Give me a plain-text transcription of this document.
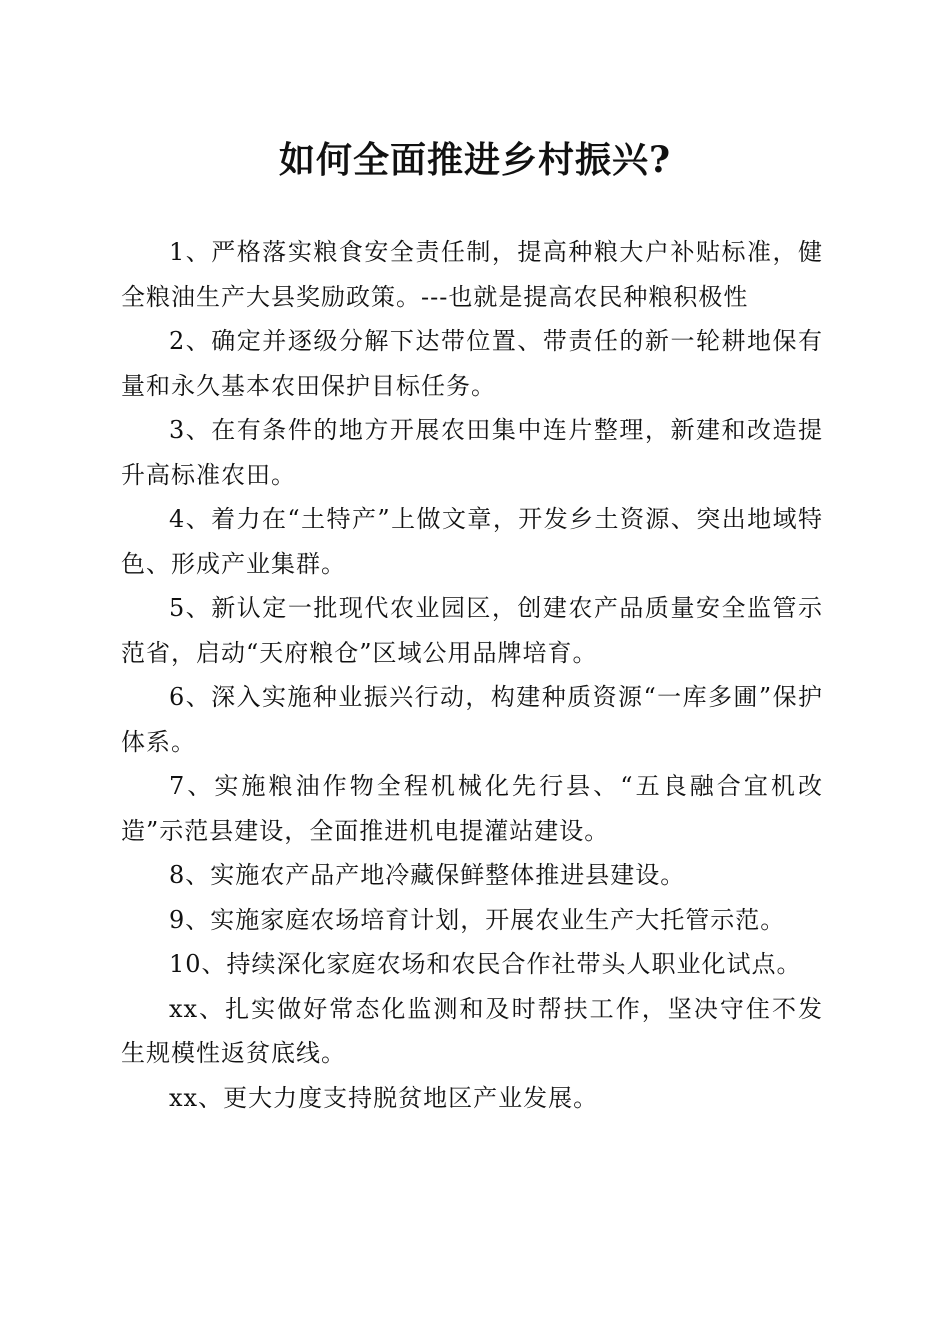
如何全面推进乡村振兴?

1、严格落实粮食安全责任制，提高种粮大户补贴标准，健全粮油生产大县奖励政策。---也就是提高农民种粮积极性

2、确定并逐级分解下达带位置、带责任的新一轮耕地保有量和永久基本农田保护目标任务。

3、在有条件的地方开展农田集中连片整理，新建和改造提升高标准农田。

4、着力在“土特产”上做文章，开发乡土资源、突出地域特色、形成产业集群。

5、新认定一批现代农业园区，创建农产品质量安全监管示范省，启动“天府粮仓”区域公用品牌培育。

6、深入实施种业振兴行动，构建种质资源“一库多圃”保护体系。

7、实施粮油作物全程机械化先行县、“五良融合宜机改造”示范县建设，全面推进机电提灌站建设。

8、实施农产品产地冷藏保鲜整体推进县建设。

9、实施家庭农场培育计划，开展农业生产大托管示范。

10、持续深化家庭农场和农民合作社带头人职业化试点。

xx、扎实做好常态化监测和及时帮扶工作，坚决守住不发生规模性返贫底线。

xx、更大力度支持脱贫地区产业发展。
